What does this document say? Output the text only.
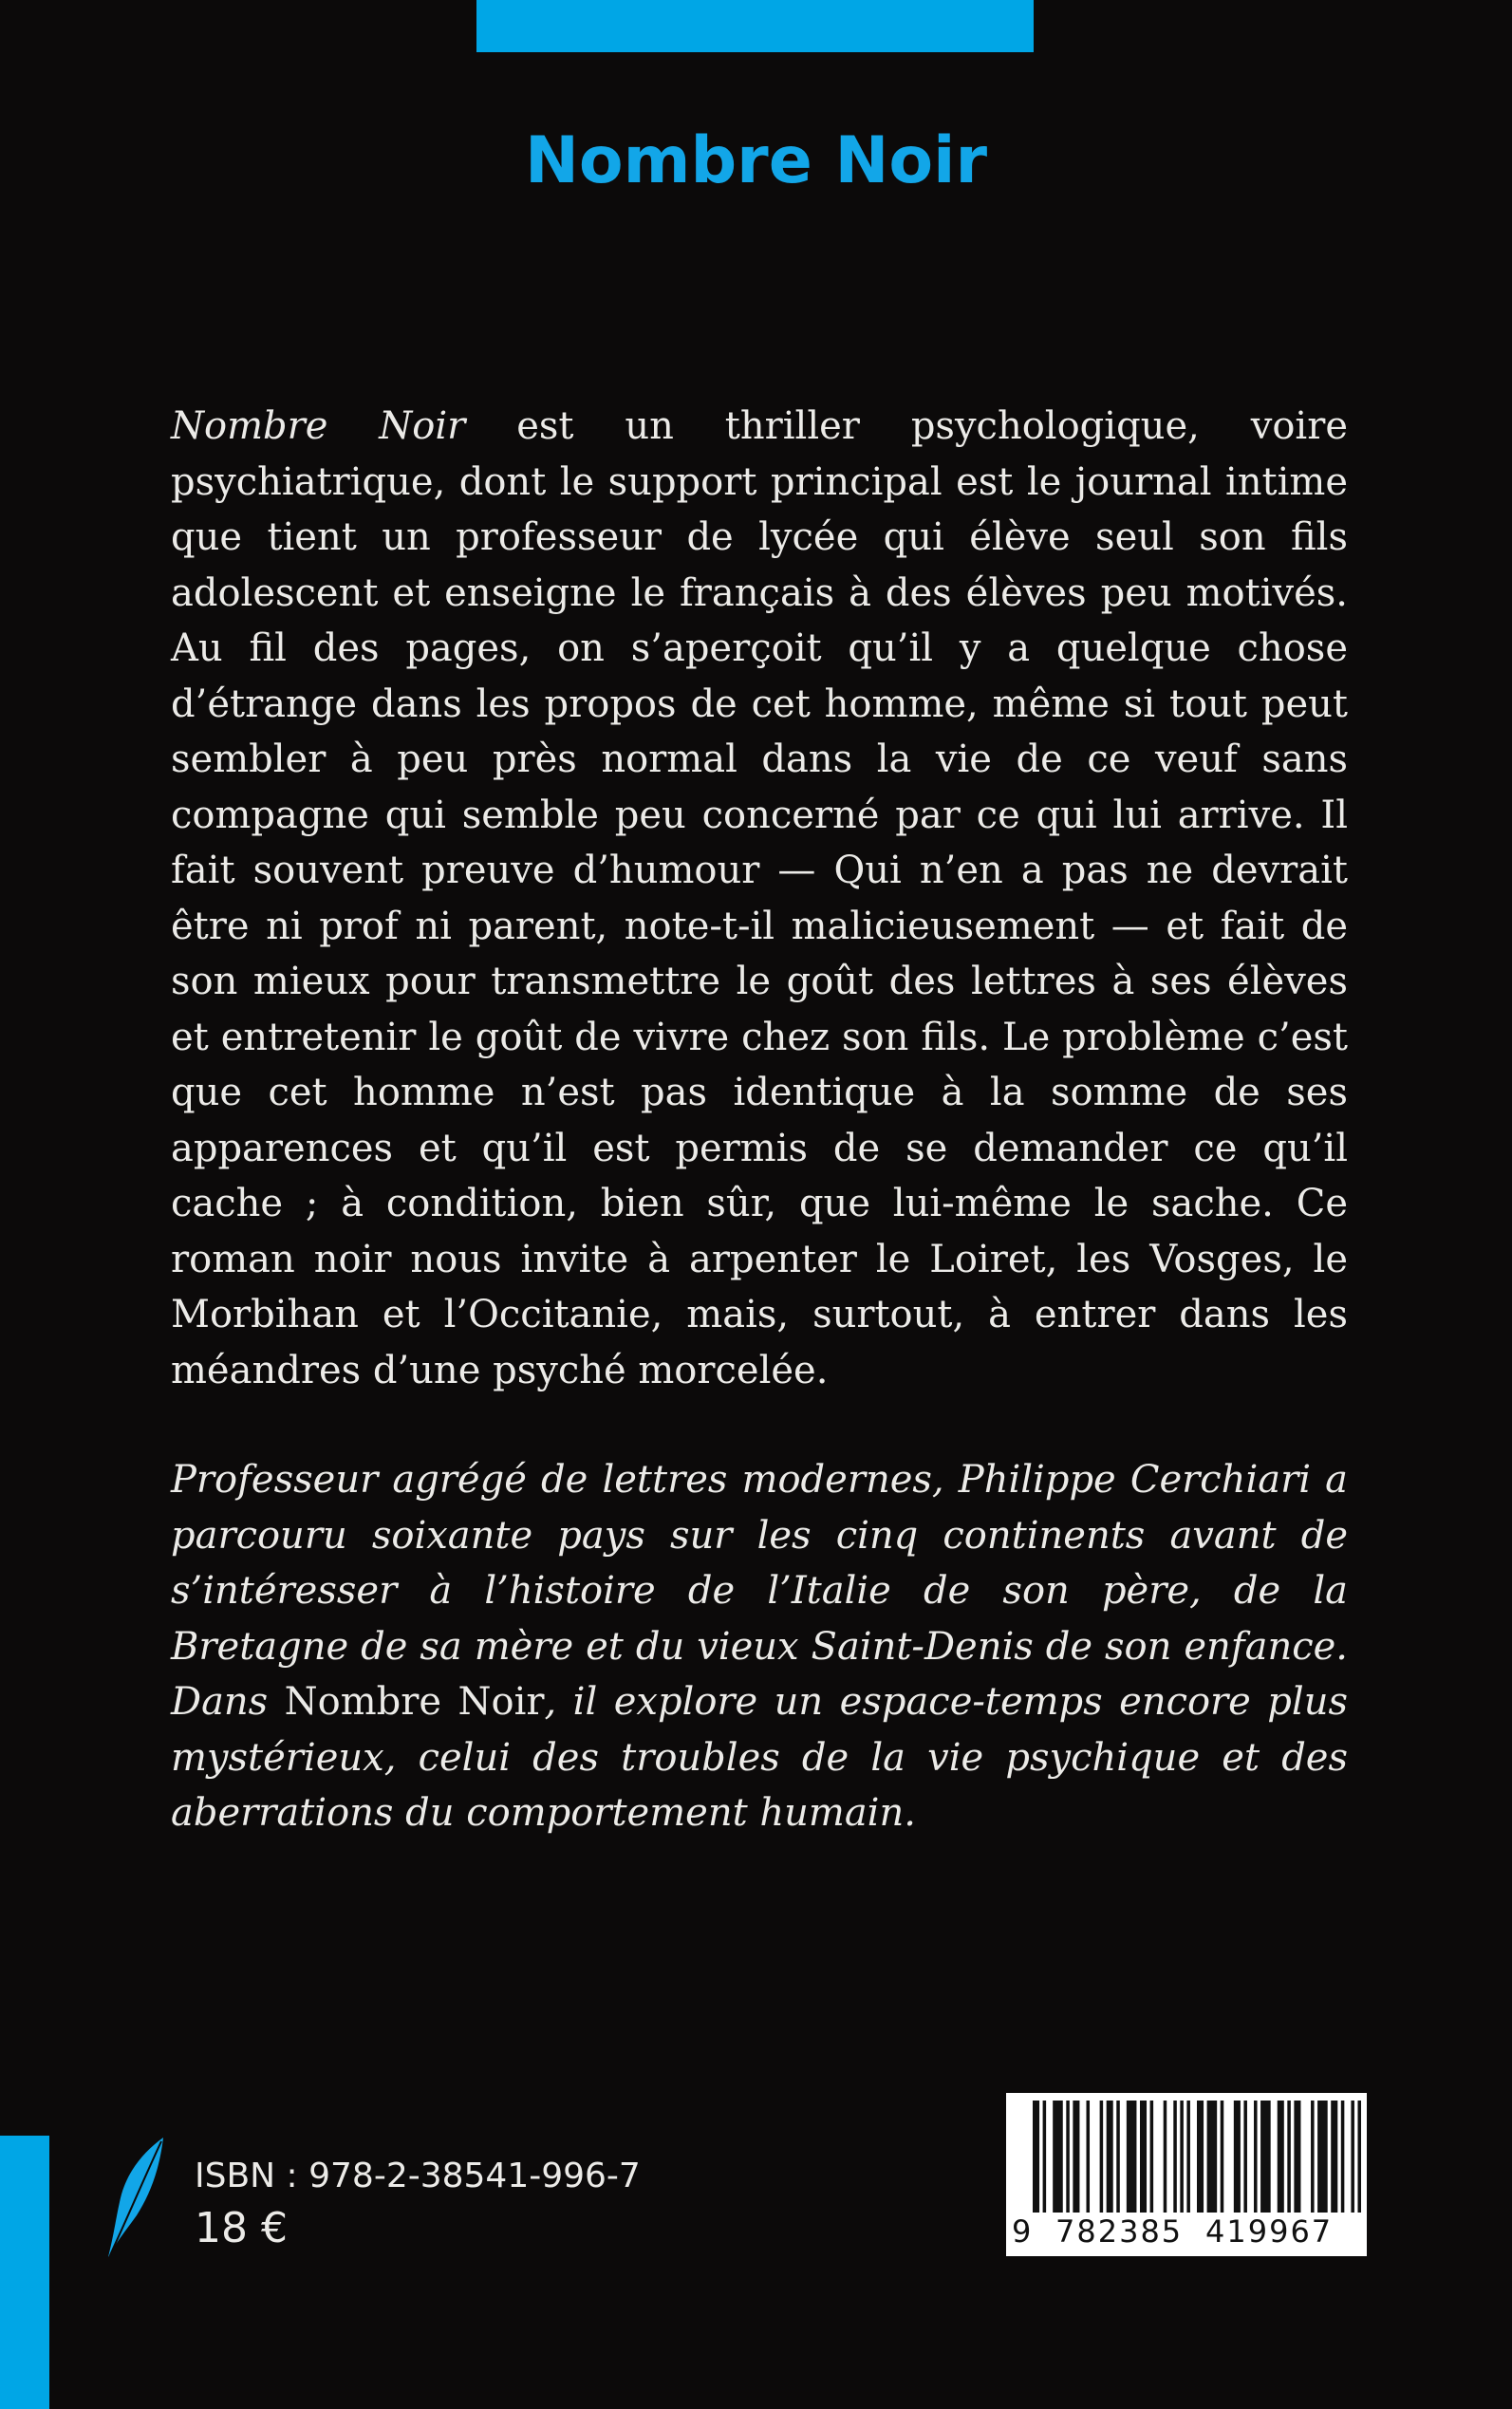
Nombre Noir

Nombre Noir est un thriller psychologique, voire psychiatrique, dont le support principal est le journal intime que tient un professeur de lycée qui élève seul son fils adolescent et enseigne le français à des élèves peu motivés. Au fil des pages, on s’aperçoit qu’il y a quelque chose d’étrange dans les propos de cet homme, même si tout peut sembler à peu près normal dans la vie de ce veuf sans compagne qui semble peu concerné par ce qui lui arrive. Il fait souvent preuve d’humour — Qui n’en a pas ne devrait être ni prof ni parent, note-t-il malicieusement — et fait de son mieux pour transmettre le goût des lettres à ses élèves et entretenir le goût de vivre chez son fils. Le problème c’est que cet homme n’est pas identique à la somme de ses apparences et qu’il est permis de se demander ce qu’il cache ; à condition, bien sûr, que lui-même le sache. Ce roman noir nous invite à arpenter le Loiret, les Vosges, le Morbihan et l’Occitanie, mais, surtout, à entrer dans les méandres d’une psyché morcelée.

Professeur agrégé de lettres modernes, Philippe Cerchiari a parcouru soixante pays sur les cinq continents avant de s’intéresser à l’histoire de l’Italie de son père, de la Bretagne de sa mère et du vieux Saint-Denis de son enfance. Dans Nombre Noir, il explore un espace-temps encore plus mystérieux, celui des troubles de la vie psychique et des aberrations du comportement humain.

ISBN : 978-2-38541-996-7
18 €	9 782385 419967
